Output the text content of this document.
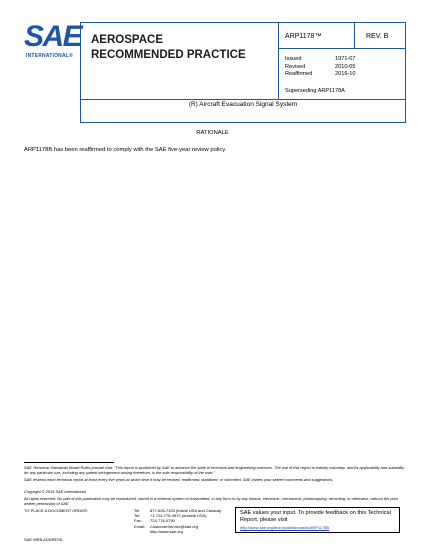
SAE
INTERNATIONAL®
AEROSPACE
RECOMMENDED PRACTICE
ARP1178™	REV. B
Issued	1971-07
Revised	2010-05
Reaffirmed	2016-10
Superseding ARP1178A
(R) Aircraft Evacuation Signal System
RATIONALE
ARP1178B has been reaffirmed to comply with the SAE five-year review policy.
SAE Technical Standards Board Rules provide that: "This report is published by SAE to advance the state of technical and engineering sciences. The use of this report is entirely voluntary, and its applicability and suitability for any particular use, including any patent infringement arising therefrom, is the sole responsibility of the user."
SAE reviews each technical report at least every five years at which time it may be revised, reaffirmed, stabilized, or cancelled. SAE invites your written comments and suggestions.
Copyright © 2016 SAE International
All rights reserved. No part of this publication may be reproduced, stored in a retrieval system or transmitted, in any form or by any means, electronic, mechanical, photocopying, recording, or otherwise, without the prior written permission of SAE.
TO PLACE A DOCUMENT ORDER:	Tel: 877-606-7323 (inside USA and Canada)
Tel: +1 724-776-4970 (outside USA)
Fax: 724-776-0790
Email: CustomerService@sae.org
http://www.sae.org
SAE values your input. To provide feedback on this Technical Report, please visit
http://www.sae.org/technical/standards/ARP1178B
SAE WEB ADDRESS:
